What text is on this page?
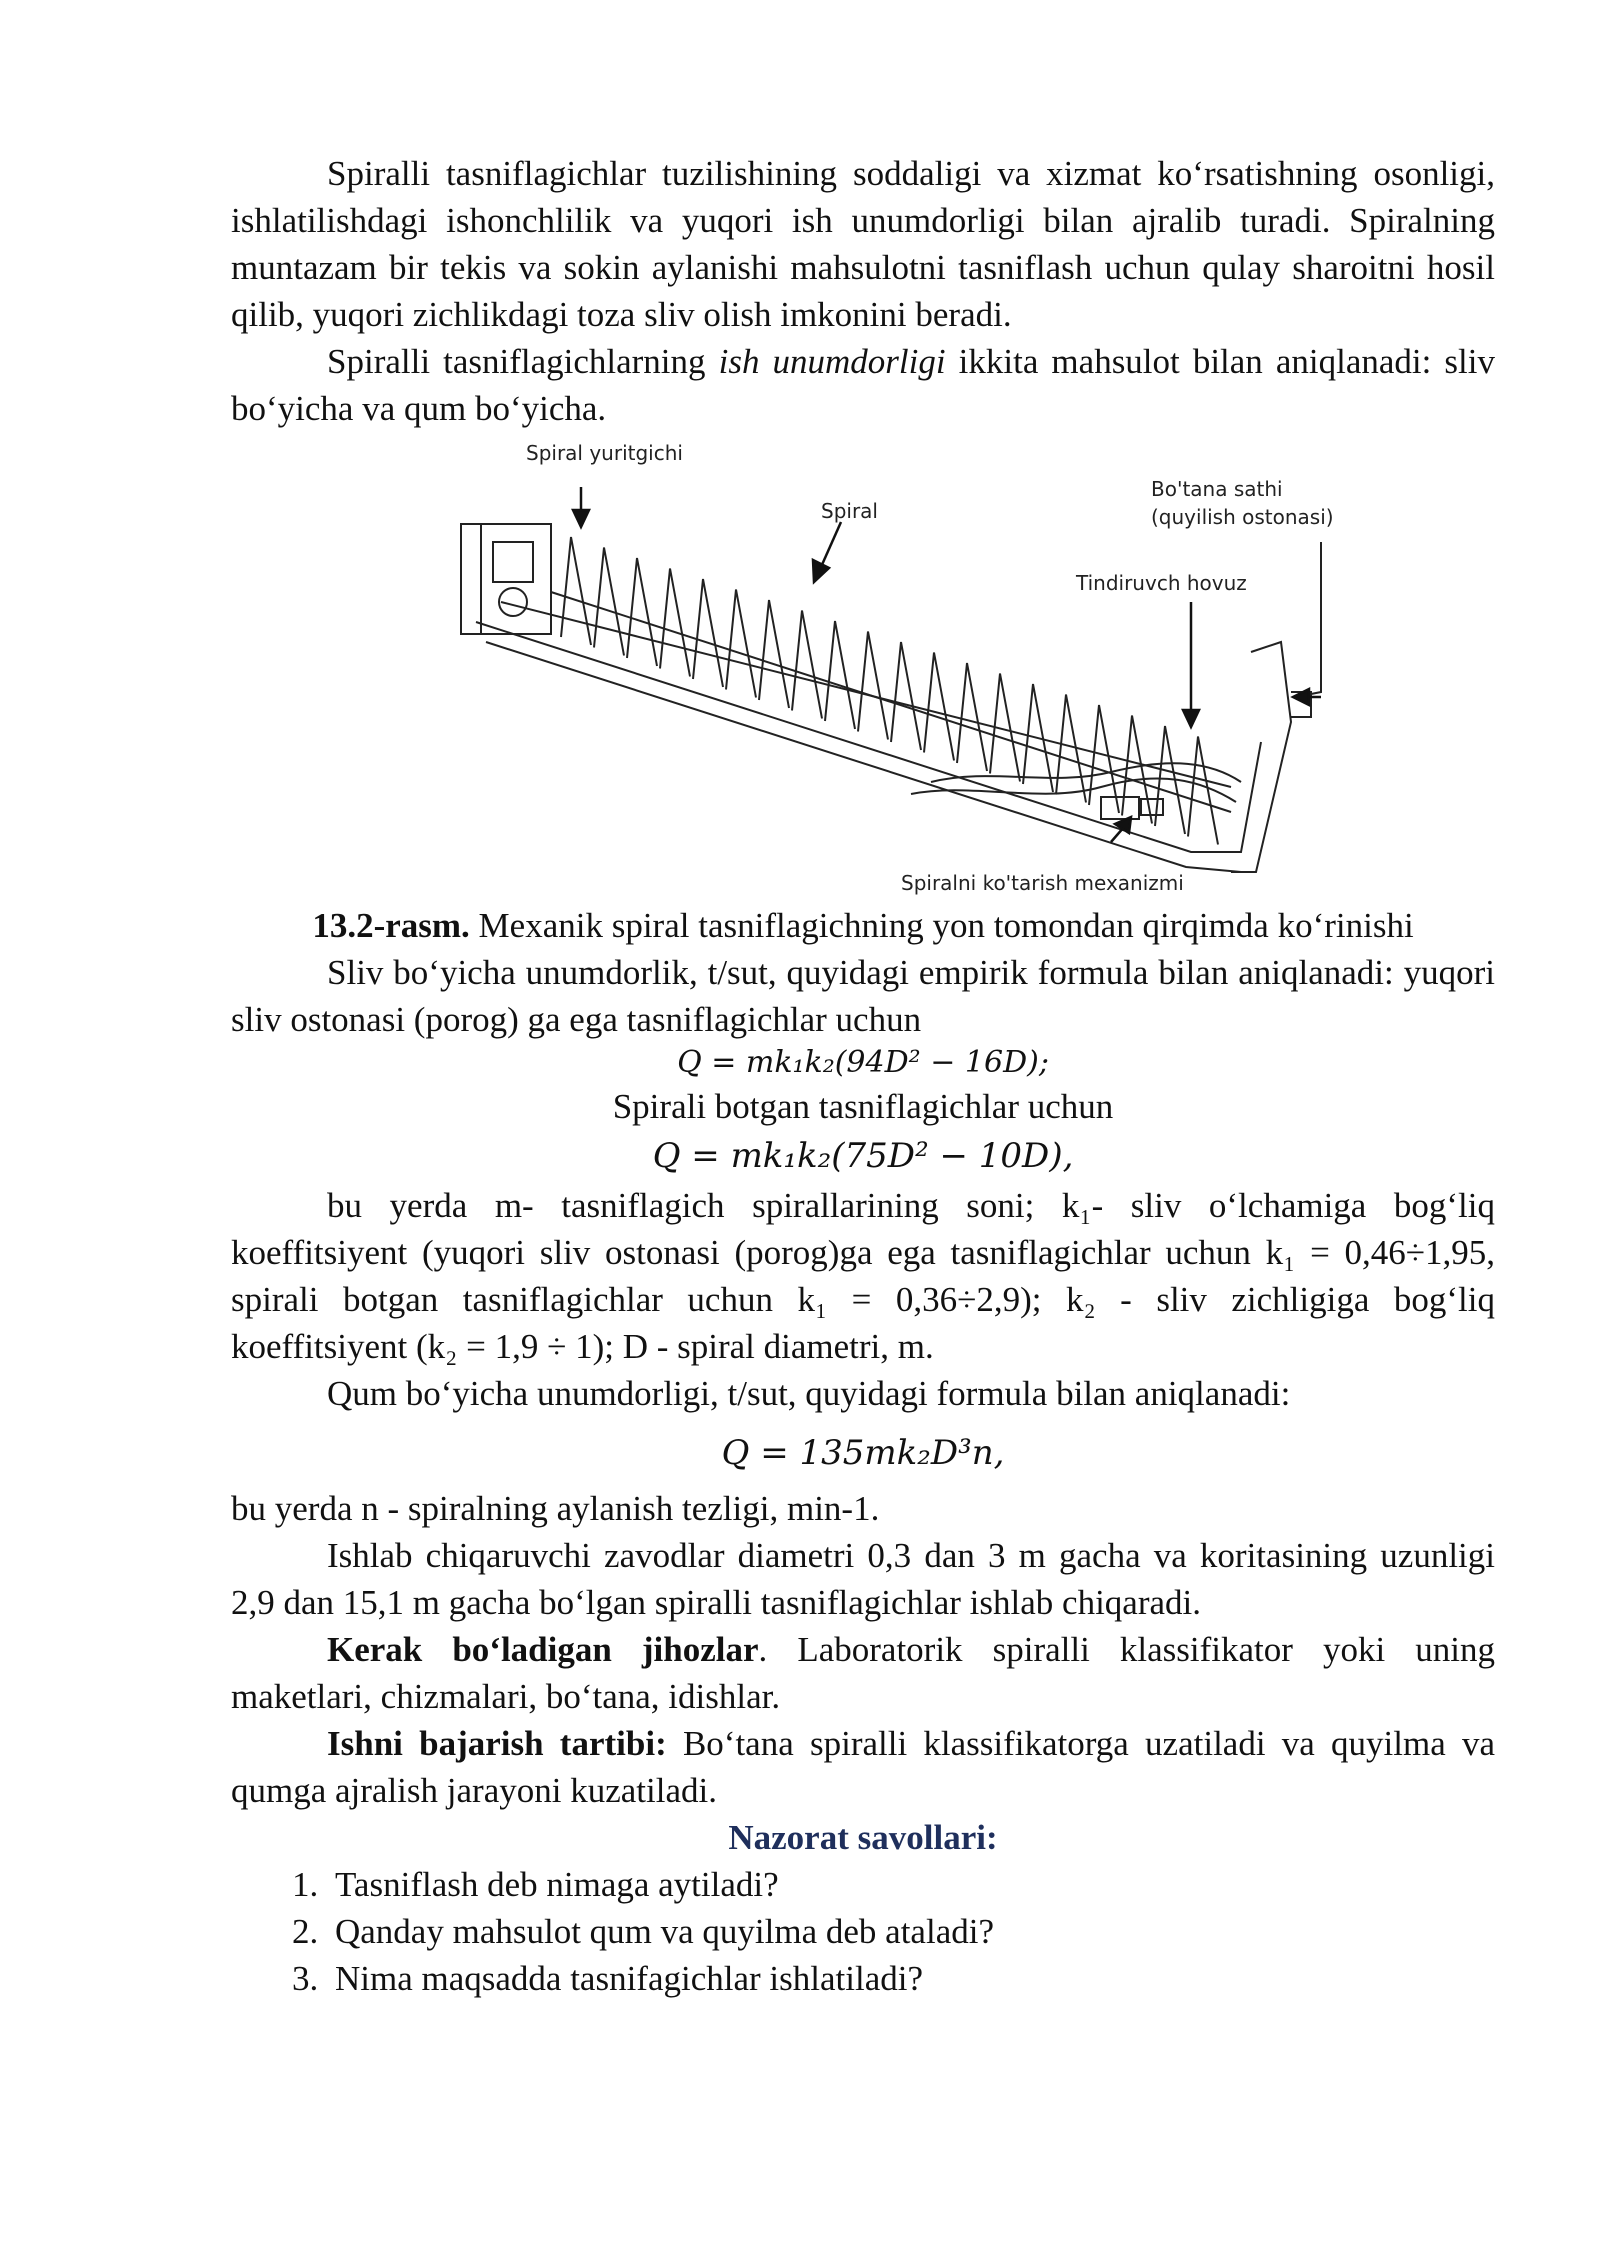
Spiralli tasniflagichlar tuzilishining soddaligi va xizmat ko‘rsatishning osonligi, ishlatilishdagi ishonchlilik va yuqori ish unumdorligi bilan ajralib turadi. Spiralning muntazam bir tekis va sokin aylanishi mahsulotni tasniflash uchun qulay sharoitni hosil qilib, yuqori zichlikdagi toza sliv olish imkonini beradi.

Spiralli tasniflagichlarning ish unumdorligi ikkita mahsulot bilan aniqlanadi: sliv bo‘yicha va qum bo‘yicha.

Spiral yuritgichi
Spiral
Bo'tana sathi
(quyilish ostonasi)
Tindiruvch hovuz
Spiralni ko'tarish mexanizmi

13.2-rasm. Mexanik spiral tasniflagichning yon tomondan qirqimda ko‘rinishi

Sliv bo‘yicha unumdorlik, t/sut, quyidagi empirik formula bilan aniqlanadi: yuqori sliv ostonasi (porog) ga ega tasniflagichlar uchun

Q = mk₁k₂(94D² − 16D);

Spirali botgan tasniflagichlar uchun

Q = mk₁k₂(75D² − 10D),

bu yerda m- tasniflagich spirallarining soni; k₁- sliv o‘lchamiga bog‘liq koeffitsiyent (yuqori sliv ostonasi (porog)ga ega tasniflagichlar uchun k₁ = 0,46÷1,95, spirali botgan tasniflagichlar uchun k₁ = 0,36÷2,9); k₂ - sliv zichligiga bog‘liq koeffitsiyent (k₂ = 1,9 ÷ 1); D - spiral diametri, m.

Qum bo‘yicha unumdorligi, t/sut, quyidagi formula bilan aniqlanadi:

Q = 135mk₂D³n,

bu yerda n - spiralning aylanish tezligi, min-1.

Ishlab chiqaruvchi zavodlar diametri 0,3 dan 3 m gacha va koritasining uzunligi 2,9 dan 15,1 m gacha bo‘lgan spiralli tasniflagichlar ishlab chiqaradi.

Kerak bo‘ladigan jihozlar. Laboratorik spiralli klassifikator yoki uning maketlari, chizmalari, bo‘tana, idishlar.

Ishni bajarish tartibi: Bo‘tana spiralli klassifikatorga uzatiladi va quyilma va qumga ajralish jarayoni kuzatiladi.

Nazorat savollari:

1. Tasniflash deb nimaga aytiladi?
2. Qanday mahsulot qum va quyilma deb ataladi?
3. Nima maqsadda tasnifagichlar ishlatiladi?
